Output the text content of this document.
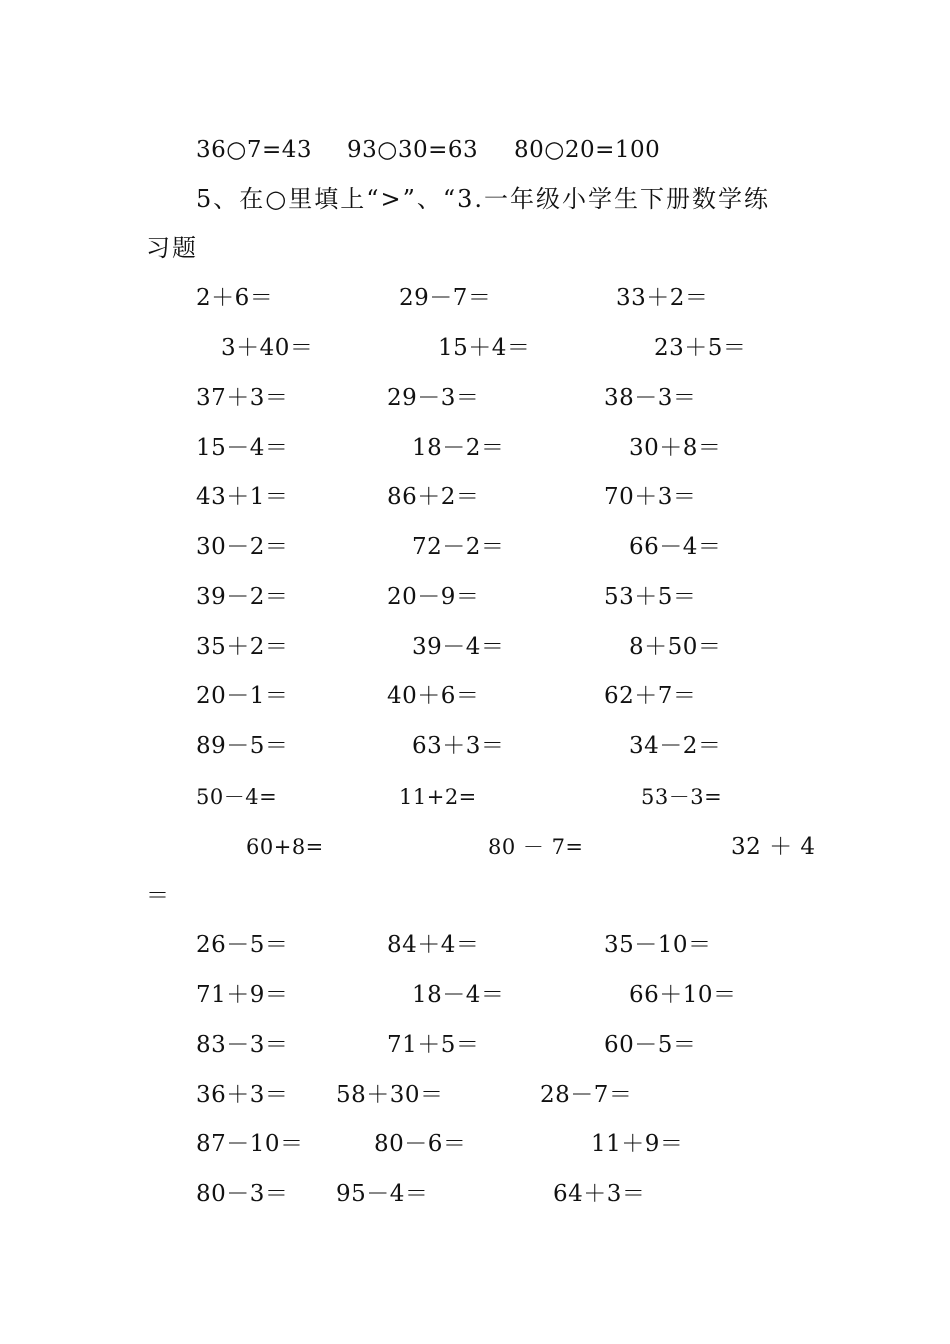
36○7=43 93○30=63 80○20=100
5、在○里填上“>”、“3.一年级小学生下册数学练
习题
2＋6＝	29－7＝	33＋2＝
3＋40＝	15＋4＝	23＋5＝
37＋3＝	29－3＝	38－3＝
15－4＝	18－2＝	30＋8＝
43＋1＝	86＋2＝	70＋3＝
30－2＝	72－2＝	66－4＝
39－2＝	20－9＝	53＋5＝
35＋2＝	39－4＝	8＋50＝
20－1＝	40＋6＝	62＋7＝
89－5＝	63＋3＝	34－2＝
50－4=	11+2=	53－3=
60+8=	80 － 7=	32 ＋ 4
＝
26－5＝	84＋4＝	35－10＝
71＋9＝	18－4＝	66＋10＝
83－3＝	71＋5＝	60－5＝
36＋3＝ 58＋30＝	28－7＝
87－10＝	80－6＝	11＋9＝
80－3＝ 95－4＝	64＋3＝
